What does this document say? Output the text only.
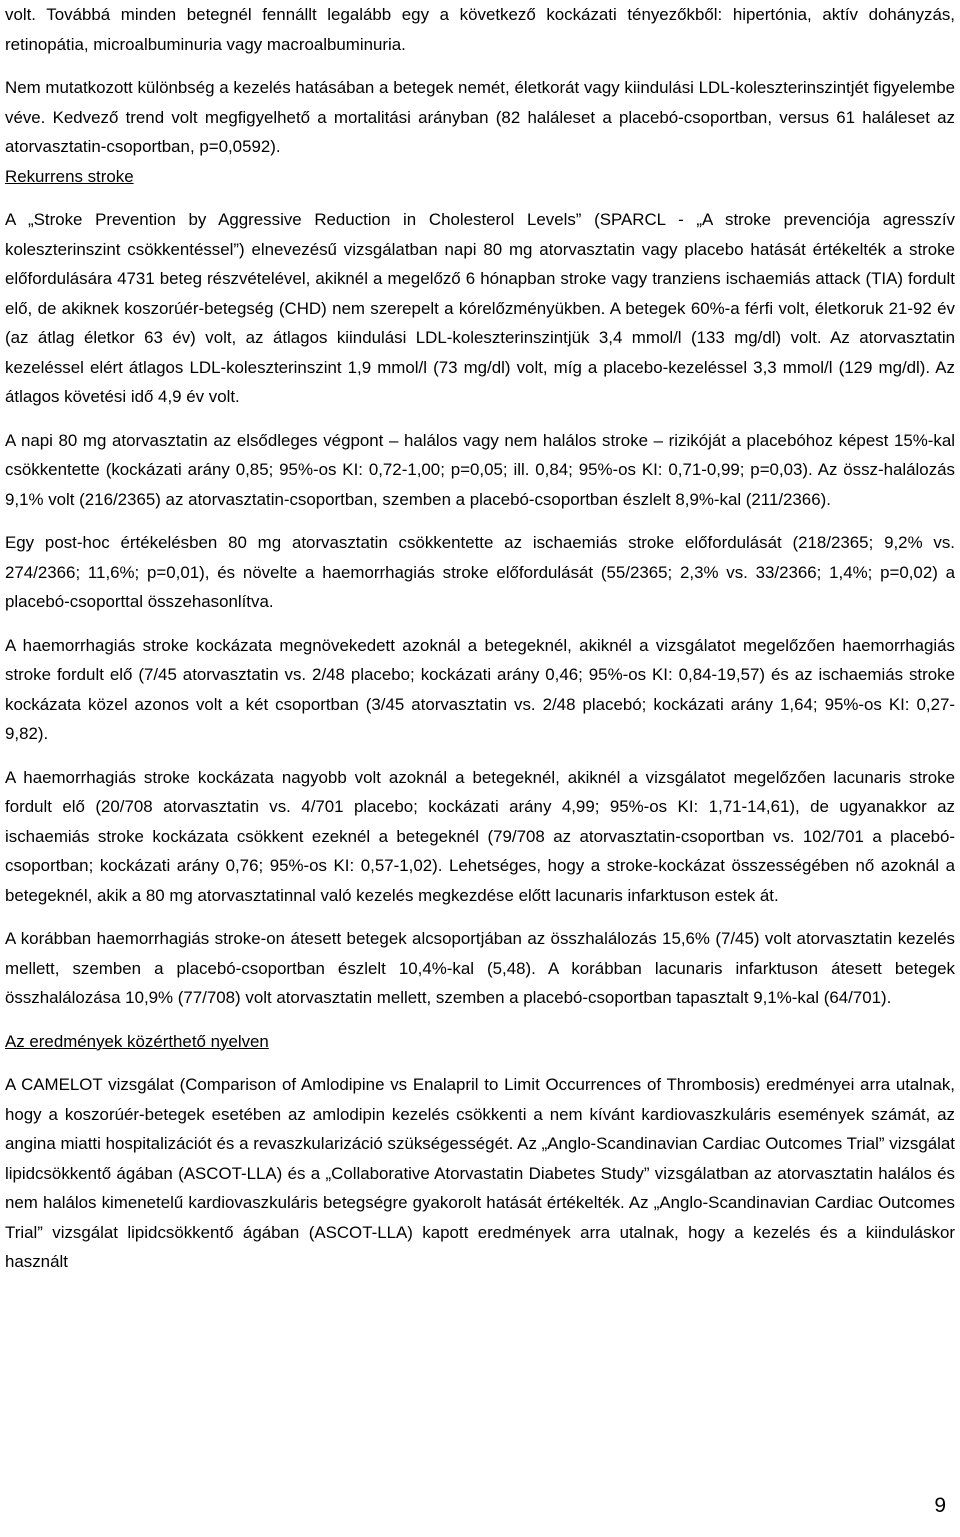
volt. Továbbá minden betegnél fennállt legalább egy a következő kockázati tényezőkből: hipertónia, aktív dohányzás, retinopátia, microalbuminuria vagy macroalbuminuria.

Nem mutatkozott különbség a kezelés hatásában a betegek nemét, életkorát vagy kiindulási LDL-koleszterinszintjét figyelembe véve. Kedvező trend volt megfigyelhető a mortalitási arányban (82 haláleset a placebó-csoportban, versus 61 haláleset az atorvasztatin-csoportban, p=0,0592).

Rekurrens stroke

A „Stroke Prevention by Aggressive Reduction in Cholesterol Levels” (SPARCL - „A stroke prevenciója agresszív koleszterinszint csökkentéssel”) elnevezésű vizsgálatban napi 80 mg atorvasztatin vagy placebo hatását értékelték a stroke előfordulására 4731 beteg részvételével, akiknél a megelőző 6 hónapban stroke vagy tranziens ischaemiás attack (TIA) fordult elő, de akiknek koszorúér-betegség (CHD) nem szerepelt a kórelőzményükben. A betegek 60%-a férfi volt, életkoruk 21-92 év (az átlag életkor 63 év) volt, az átlagos kiindulási LDL-koleszterinszintjük 3,4 mmol/l (133 mg/dl) volt. Az atorvasztatin kezeléssel elért átlagos LDL-koleszterinszint 1,9 mmol/l (73 mg/dl) volt, míg a placebo-kezeléssel 3,3 mmol/l (129 mg/dl). Az átlagos követési idő 4,9 év volt.

A napi 80 mg atorvasztatin az elsődleges végpont – halálos vagy nem halálos stroke – rizikóját a placebóhoz képest 15%-kal csökkentette (kockázati arány 0,85; 95%-os KI: 0,72-1,00; p=0,05; ill. 0,84; 95%-os KI: 0,71-0,99; p=0,03). Az össz-halálozás 9,1% volt (216/2365) az atorvasztatin-csoportban, szemben a placebó-csoportban észlelt 8,9%-kal (211/2366).

Egy post-hoc értékelésben 80 mg atorvasztatin csökkentette az ischaemiás stroke előfordulását (218/2365; 9,2% vs. 274/2366; 11,6%; p=0,01), és növelte a haemorrhagiás stroke előfordulását (55/2365; 2,3% vs. 33/2366; 1,4%; p=0,02) a placebó-csoporttal összehasonlítva.

A haemorrhagiás stroke kockázata megnövekedett azoknál a betegeknél, akiknél a vizsgálatot megelőzően haemorrhagiás stroke fordult elő (7/45 atorvasztatin vs. 2/48 placebo; kockázati arány 0,46; 95%-os KI: 0,84-19,57) és az ischaemiás stroke kockázata közel azonos volt a két csoportban (3/45 atorvasztatin vs. 2/48 placebó; kockázati arány 1,64; 95%-os KI: 0,27-9,82).

A haemorrhagiás stroke kockázata nagyobb volt azoknál a betegeknél, akiknél a vizsgálatot megelőzően lacunaris stroke fordult elő (20/708 atorvasztatin vs. 4/701 placebo; kockázati arány 4,99; 95%-os KI: 1,71-14,61), de ugyanakkor az ischaemiás stroke kockázata csökkent ezeknél a betegeknél (79/708 az atorvasztatin-csoportban vs. 102/701 a placebó-csoportban; kockázati arány 0,76; 95%-os KI: 0,57-1,02). Lehetséges, hogy a stroke-kockázat összességében nő azoknál a betegeknél, akik a 80 mg atorvasztatinnal való kezelés megkezdése előtt lacunaris infarktuson estek át.

A korábban haemorrhagiás stroke-on átesett betegek alcsoportjában az összhalálozás 15,6% (7/45) volt atorvasztatin kezelés mellett, szemben a placebó-csoportban észlelt 10,4%-kal (5,48). A korábban lacunaris infarktuson átesett betegek összhalálozása 10,9% (77/708) volt atorvasztatin mellett, szemben a placebó-csoportban tapasztalt 9,1%-kal (64/701).

Az eredmények közérthető nyelven

A CAMELOT vizsgálat (Comparison of Amlodipine vs Enalapril to Limit Occurrences of Thrombosis) eredményei arra utalnak, hogy a koszorúér-betegek esetében az amlodipin kezelés csökkenti a nem kívánt kardiovaszkuláris események számát, az angina miatti hospitalizációt és a revaszkularizáció szükségességét. Az „Anglo-Scandinavian Cardiac Outcomes Trial” vizsgálat lipidcsökkentő ágában (ASCOT-LLA) és a „Collaborative Atorvastatin Diabetes Study” vizsgálatban az atorvasztatin halálos és nem halálos kimenetelű kardiovaszkuláris betegségre gyakorolt hatását értékelték. Az „Anglo-Scandinavian Cardiac Outcomes Trial” vizsgálat lipidcsökkentő ágában (ASCOT-LLA) kapott eredmények arra utalnak, hogy a kezelés és a kiinduláskor használt

9
